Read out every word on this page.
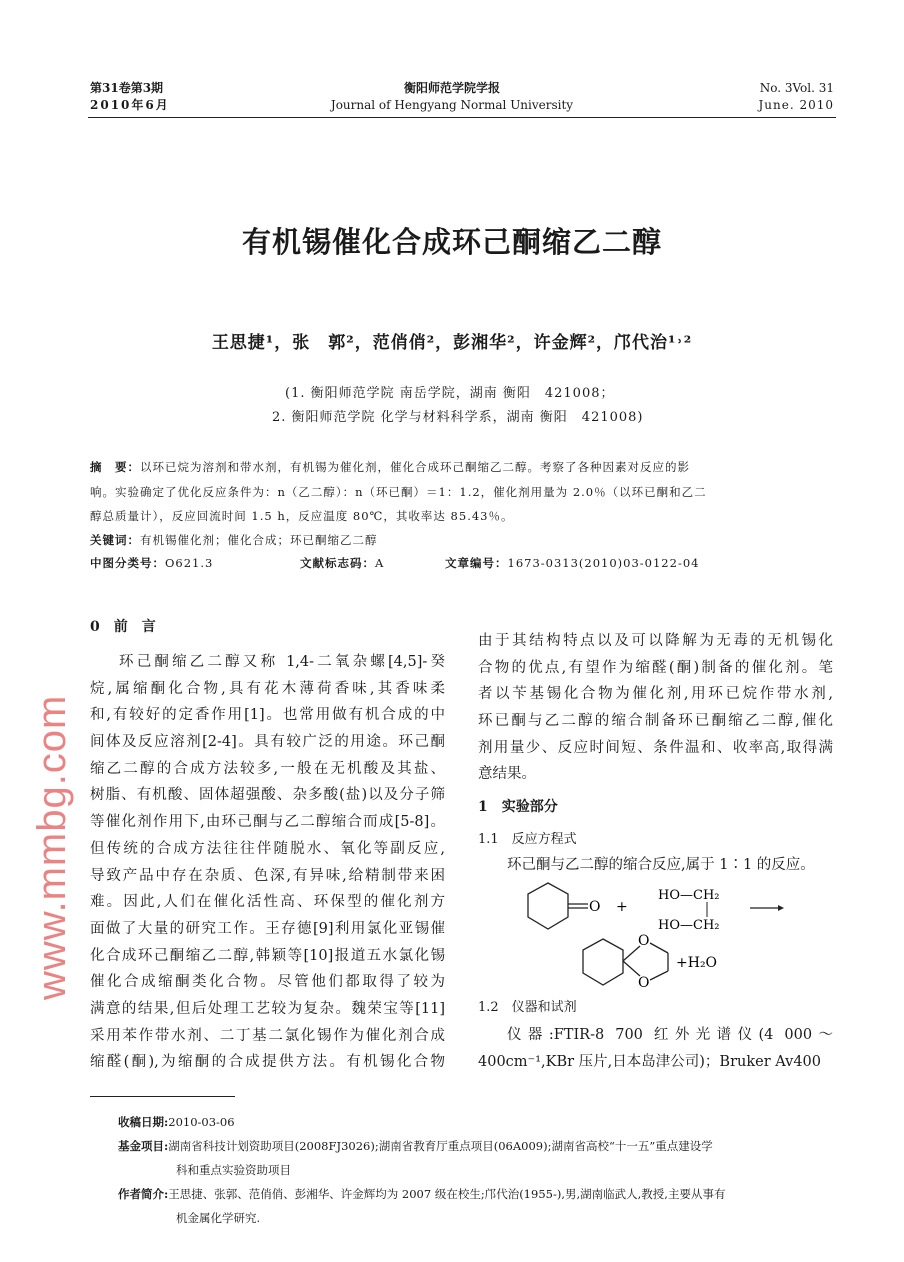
第31卷第3期
2010年6月
衡阳师范学院学报
Journal of Hengyang Normal University
No. 3Vol. 31
June. 2010
有机锡催化合成环己酮缩乙二醇
王思捷¹，张　郭²，范俏俏²，彭湘华²，许金辉²，邝代治¹˒²
(1. 衡阳师范学院 南岳学院，湖南 衡阳　421008；
2. 衡阳师范学院 化学与材料科学系，湖南 衡阳　421008)
摘　要：以环已烷为溶剂和带水剂，有机锡为催化剂，催化合成环己酮缩乙二醇。考察了各种因素对反应的影
响。实验确定了优化反应条件为：n（乙二醇）：n（环已酮）＝1：1.2，催化剂用量为 2.0％（以环已酮和乙二
醇总质量计），反应回流时间 1.5 h，反应温度 80℃，其收率达 85.43％。
关键词：有机锡催化剂；催化合成；环已酮缩乙二醇
中图分类号：O621.3	文献标志码：A	文章编号：1673-0313(2010)03-0122-04
0　前　言
环己酮缩乙二醇又称 1,4-二氧杂螺[4,5]-癸
烷,属缩酮化合物,具有花木薄荷香味,其香味柔
和,有较好的定香作用[1]。也常用做有机合成的中
间体及反应溶剂[2-4]。具有较广泛的用途。环己酮
缩乙二醇的合成方法较多,一般在无机酸及其盐、
树脂、有机酸、固体超强酸、杂多酸(盐)以及分子筛
等催化剂作用下,由环己酮与乙二醇缩合而成[5-8]。
但传统的合成方法往往伴随脱水、氧化等副反应,
导致产品中存在杂质、色深,有异味,给精制带来困
难。因此,人们在催化活性高、环保型的催化剂方
面做了大量的研究工作。王存德[9]利用氯化亚锡催
化合成环己酮缩乙二醇,韩颖等[10]报道五水氯化锡
催化合成缩酮类化合物。尽管他们都取得了较为
满意的结果,但后处理工艺较为复杂。魏荣宝等[11]
采用苯作带水剂、二丁基二氯化锡作为催化剂合成
缩醛(酮),为缩酮的合成提供方法。有机锡化合物
由于其结构特点以及可以降解为无毒的无机锡化
合物的优点,有望作为缩醛(酮)制备的催化剂。笔
者以苄基锡化合物为催化剂,用环已烷作带水剂,
环已酮与乙二醇的缩合制备环已酮缩乙二醇,催化
剂用量少、反应时间短、条件温和、收率高,取得满
意结果。
1　实验部分
1.1　反应方程式
环己酮与乙二醇的缩合反应,属于 1∶1 的反应。
O +
HO—CH₂
HO—CH₂
O
O
+H₂O
1.2　仪器和试剂
仪器:FTIR-8 700 红外光谱仪(4 000～
400cm⁻¹,KBr 压片,日本岛津公司)；Bruker Av400
收稿日期:2010-03-06
基金项目:湖南省科技计划资助项目(2008FJ3026);湖南省教育厅重点项目(06A009);湖南省高校“十一五”重点建设学
科和重点实验资助项目
作者简介:王思捷、张郭、范俏俏、彭湘华、许金辉均为 2007 级在校生;邝代治(1955-),男,湖南临武人,教授,主要从事有
机金属化学研究.
www.mmbg.com
